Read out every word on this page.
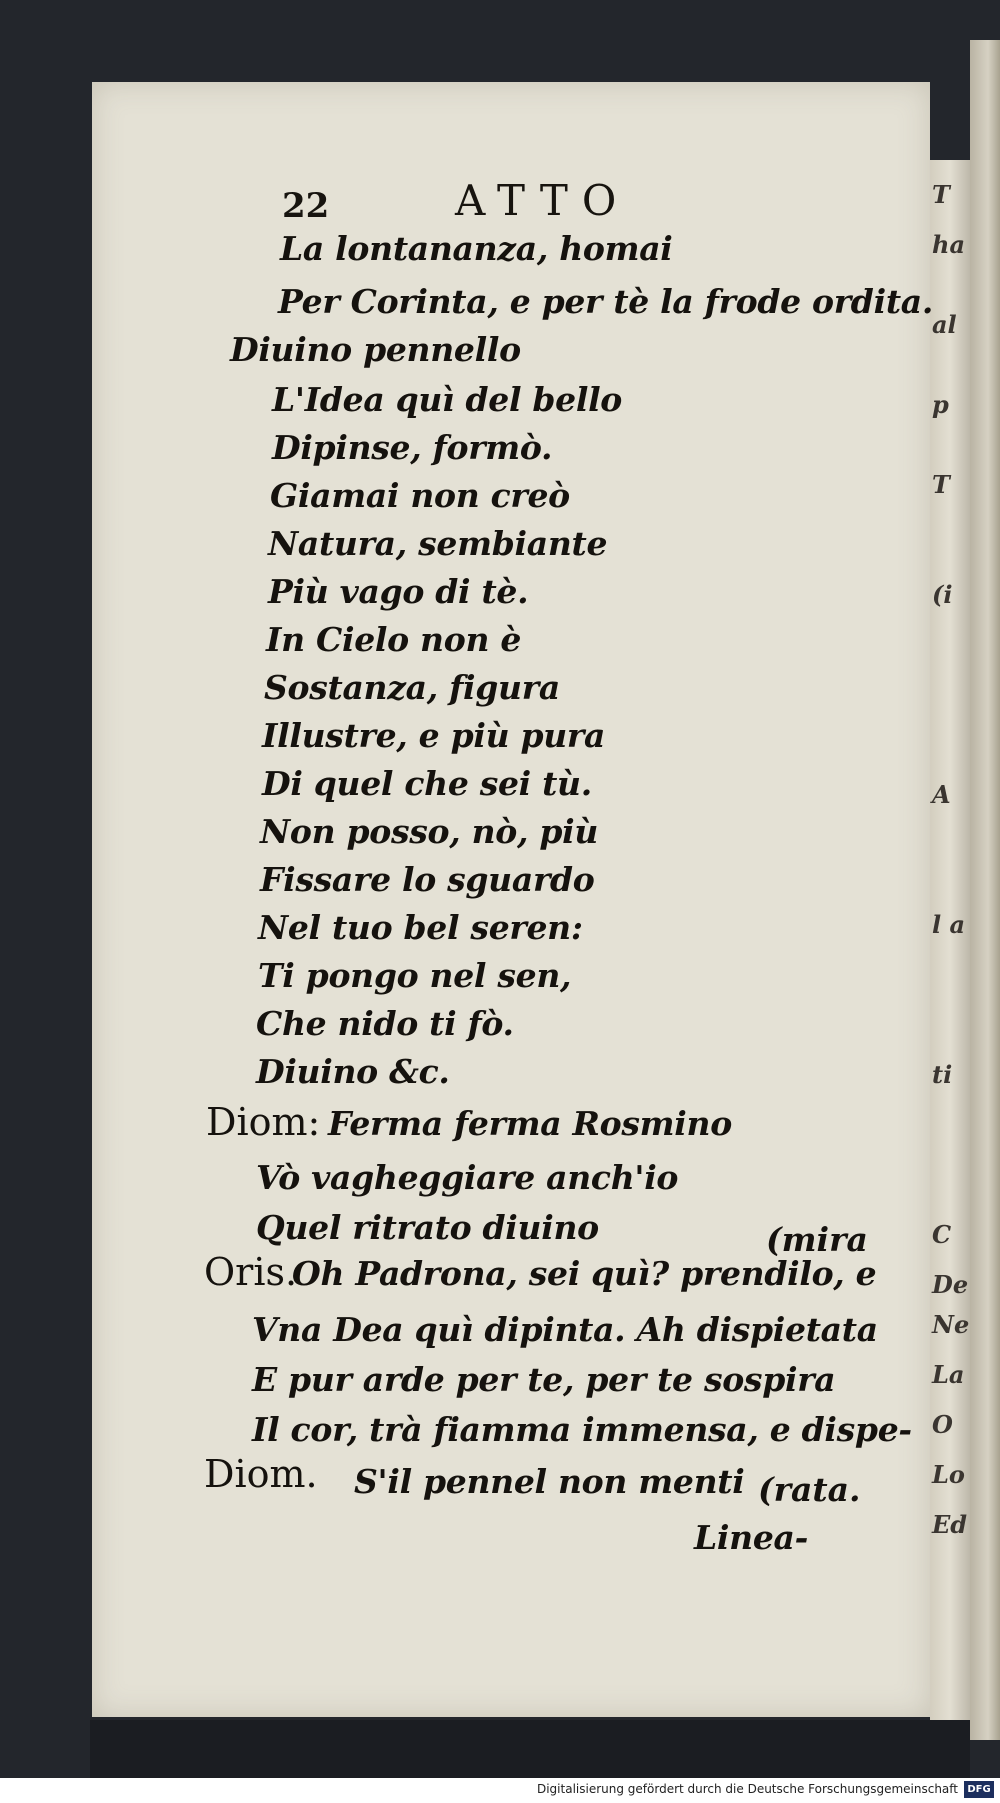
T
ha
al
p
T
(i
A
l a
ti
C
De
Ne
La
O
Lo
Ed
22	ATTO
La lontananza, homai
Per Corinta, e per tè la frode ordita.
Diuino pennello
L'Idea quì del bello
Dipinse, formò.
Giamai non creò
Natura, sembiante
Più vago di tè.
In Cielo non è
Sostanza, figura
Illustre, e più pura
Di quel che sei tù.
Non posso, nò, più
Fissare lo sguardo
Nel tuo bel seren:
Ti pongo nel sen,
Che nido ti fò.
Diuino &c.
Diom: Ferma ferma Rosmino
Vò vagheggiare anch'io
Quel ritrato diuino	(mira
Oris.
Oh Padrona, sei quì? prendilo, e
Vna Dea quì dipinta. Ah dispietata
E pur arde per te, per te sospira
Il cor, trà fiamma immensa, e dispe-
Diom. S'il pennel non menti (rata.
Linea-
Digitalisierung gefördert durch die Deutsche Forschungsgemeinschaft DFG
